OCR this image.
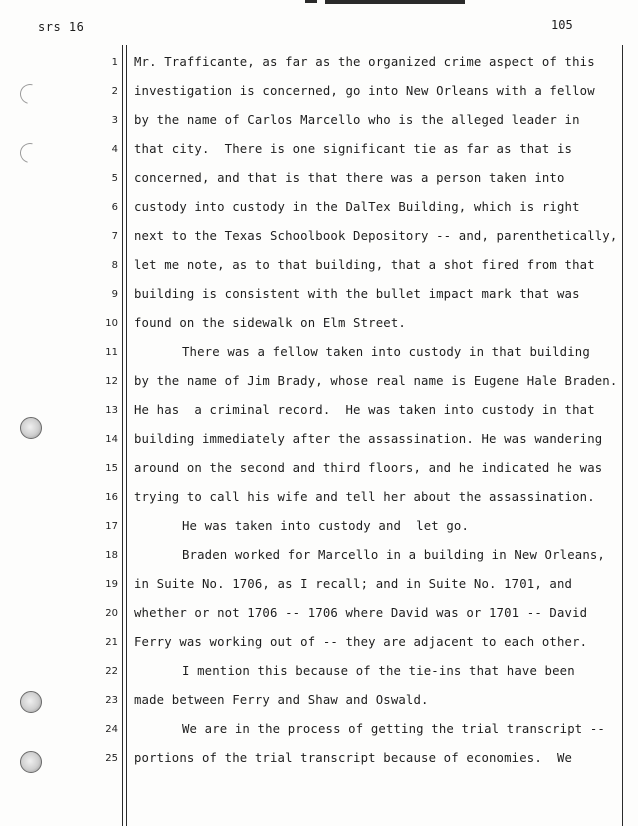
srs 16	105
1
2
3
4
5
6
7
8
9
10
11
12
13
14
15
16
17
18
19
20
21
22
23
24
25
Mr. Trafficante, as far as the organized crime aspect of this
investigation is concerned, go into New Orleans with a fellow
by the name of Carlos Marcello who is the alleged leader in
that city.  There is one significant tie as far as that is
concerned, and that is that there was a person taken into
custody into custody in the DalTex Building, which is right
next to the Texas Schoolbook Depository -- and, parenthetically,
let me note, as to that building, that a shot fired from that
building is consistent with the bullet impact mark that was
found on the sidewalk on Elm Street.
There was a fellow taken into custody in that building
by the name of Jim Brady, whose real name is Eugene Hale Braden.
He has  a criminal record.  He was taken into custody in that
building immediately after the assassination. He was wandering
around on the second and third floors, and he indicated he was
trying to call his wife and tell her about the assassination.
He was taken into custody and  let go.
Braden worked for Marcello in a building in New Orleans,
in Suite No. 1706, as I recall; and in Suite No. 1701, and
whether or not 1706 -- 1706 where David was or 1701 -- David
Ferry was working out of -- they are adjacent to each other.
I mention this because of the tie-ins that have been
made between Ferry and Shaw and Oswald.
We are in the process of getting the trial transcript --
portions of the trial transcript because of economies.  We
